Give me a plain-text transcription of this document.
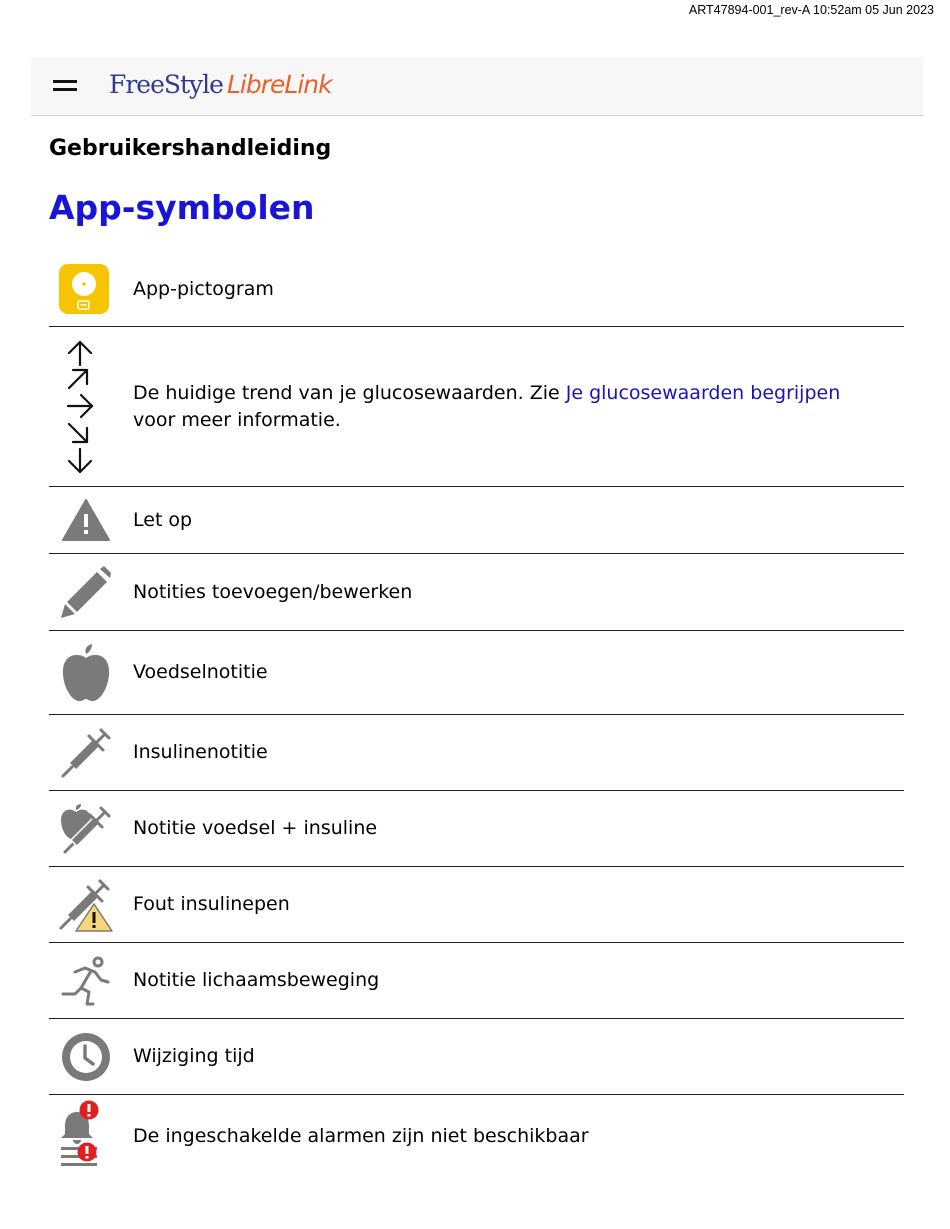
ART47894-001_rev-A 10:52am 05 Jun 2023
FreeStyle LibreLink
Gebruikershandleiding
App-symbolen
App-pictogram
De huidige trend van je glucosewaarden. Zie Je glucosewaarden begrijpen voor meer informatie.
Let op
Notities toevoegen/bewerken
Voedselnotitie
Insulinenotitie
Notitie voedsel + insuline
Fout insulinepen
Notitie lichaamsbeweging
Wijziging tijd
De ingeschakelde alarmen zijn niet beschikbaar
